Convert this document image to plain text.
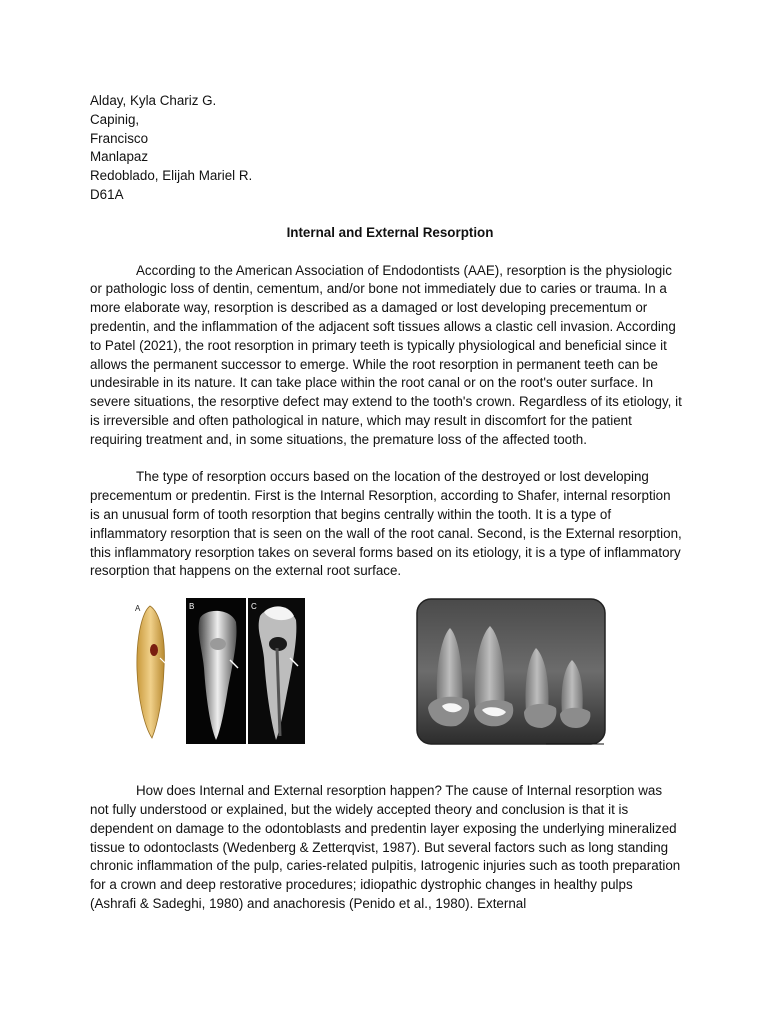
Alday, Kyla Chariz G.
Capinig,
Francisco
Manlapaz
Redoblado, Elijah Mariel R.
D61A
Internal and External Resorption

According to the American Association of Endodontists (AAE), resorption is the physiologic or pathologic loss of dentin, cementum, and/or bone not immediately due to caries or trauma. In a more elaborate way, resorption is described as a damaged or lost developing precementum or predentin, and the inflammation of the adjacent soft tissues allows a clastic cell invasion. According to Patel (2021), the root resorption in primary teeth is typically physiological and beneficial since it allows the permanent successor to emerge. While the root resorption in permanent teeth can be undesirable in its nature. It can take place within the root canal or on the root's outer surface. In severe situations, the resorptive defect may extend to the tooth's crown. Regardless of its etiology, it is irreversible and often pathological in nature, which may result in discomfort for the patient requiring treatment and, in some situations, the premature loss of the affected tooth.

The type of resorption occurs based on the location of the destroyed or lost developing precementum or predentin. First is the Internal Resorption, according to Shafer, internal resorption is an unusual form of tooth resorption that begins centrally within the tooth. It is a type of inflammatory resorption that is seen on the wall of the root canal. Second, is the External resorption, this inflammatory resorption takes on several forms based on its etiology, it is a type of inflammatory resorption that happens on the external root surface.

A	B	C

How does Internal and External resorption happen? The cause of Internal resorption was not fully understood or explained, but the widely accepted theory and conclusion is that it is dependent on damage to the odontoblasts and predentin layer exposing the underlying mineralized tissue to odontoclasts (Wedenberg & Zetterqvist, 1987). But several factors such as long standing chronic inflammation of the pulp, caries-related pulpitis, Iatrogenic injuries such as tooth preparation for a crown and deep restorative procedures; idiopathic dystrophic changes in healthy pulps (Ashrafi & Sadeghi, 1980) and anachoresis (Penido et al., 1980). External
